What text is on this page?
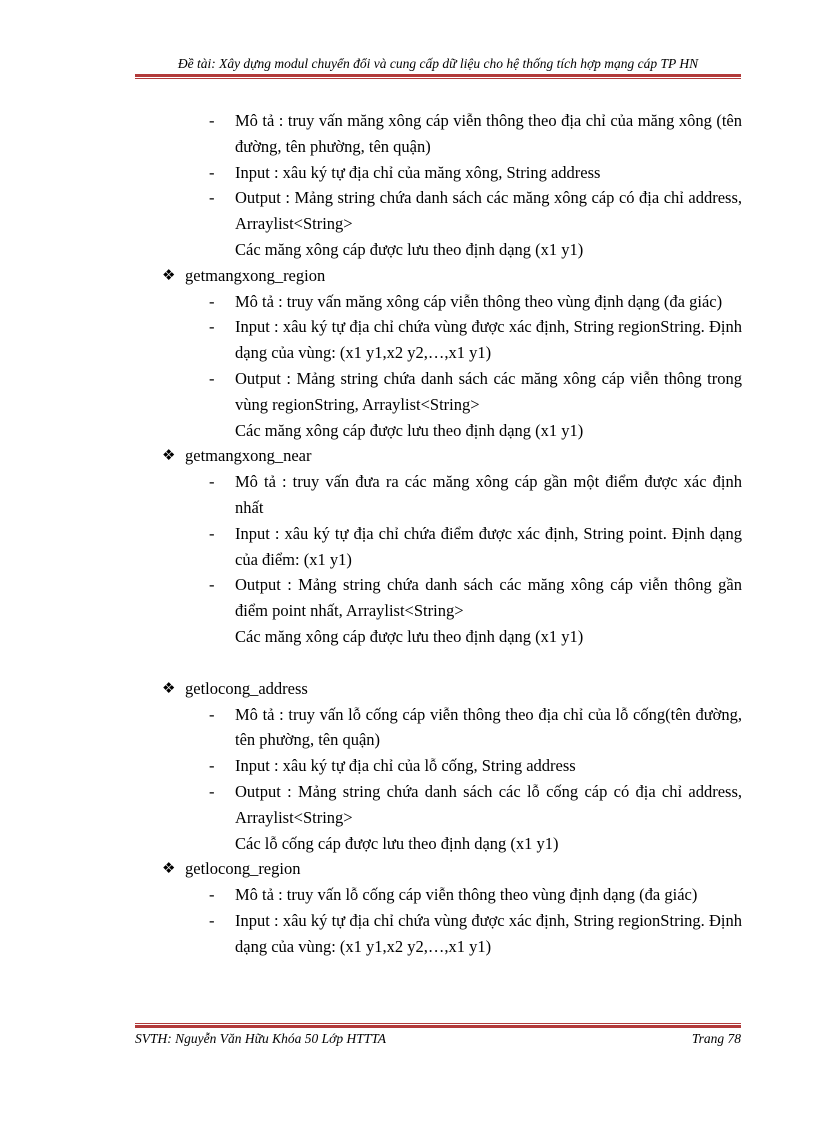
Đề tài: Xây dựng modul chuyển đổi và cung cấp dữ liệu cho hệ thống tích hợp mạng cáp TP HN
- Mô tả : truy vấn măng xông cáp viễn thông theo địa chỉ của măng xông (tên đường, tên phường, tên quận)
- Input : xâu ký tự địa chỉ của măng xông, String address
- Output : Mảng string chứa danh sách các măng xông cáp có địa chỉ address, Arraylist<String>
Các măng xông cáp được lưu theo định dạng (x1 y1)
❖ getmangxong_region
- Mô tả : truy vấn măng xông cáp viễn thông theo vùng định dạng (đa giác)
- Input : xâu ký tự địa chỉ chứa vùng được xác định, String regionString. Định dạng của vùng: (x1 y1,x2 y2,…,x1 y1)
- Output : Mảng string chứa danh sách các măng xông cáp viễn thông trong vùng regionString, Arraylist<String>
Các măng xông cáp được lưu theo định dạng (x1 y1)
❖ getmangxong_near
- Mô tả : truy vấn đưa ra các măng xông cáp gần một điểm được xác định nhất
- Input : xâu ký tự địa chỉ chứa điểm được xác định, String point. Định dạng của điểm: (x1 y1)
- Output : Mảng string chứa danh sách các măng xông cáp viễn thông gần điểm point nhất, Arraylist<String>
Các măng xông cáp được lưu theo định dạng (x1 y1)
❖ getlocong_address
- Mô tả : truy vấn lỗ cống cáp viễn thông theo địa chỉ của lỗ cống(tên đường, tên phường, tên quận)
- Input : xâu ký tự địa chỉ của lỗ cống, String address
- Output : Mảng string chứa danh sách các lỗ cống cáp có địa chỉ address, Arraylist<String>
Các lỗ cống cáp được lưu theo định dạng (x1 y1)
❖ getlocong_region
- Mô tả : truy vấn lỗ cống cáp viễn thông theo vùng định dạng (đa giác)
- Input : xâu ký tự địa chỉ chứa vùng được xác định, String regionString. Định dạng của vùng: (x1 y1,x2 y2,…,x1 y1)
SVTH: Nguyễn Văn Hữu Khóa 50 Lớp HTTTA	Trang 78
